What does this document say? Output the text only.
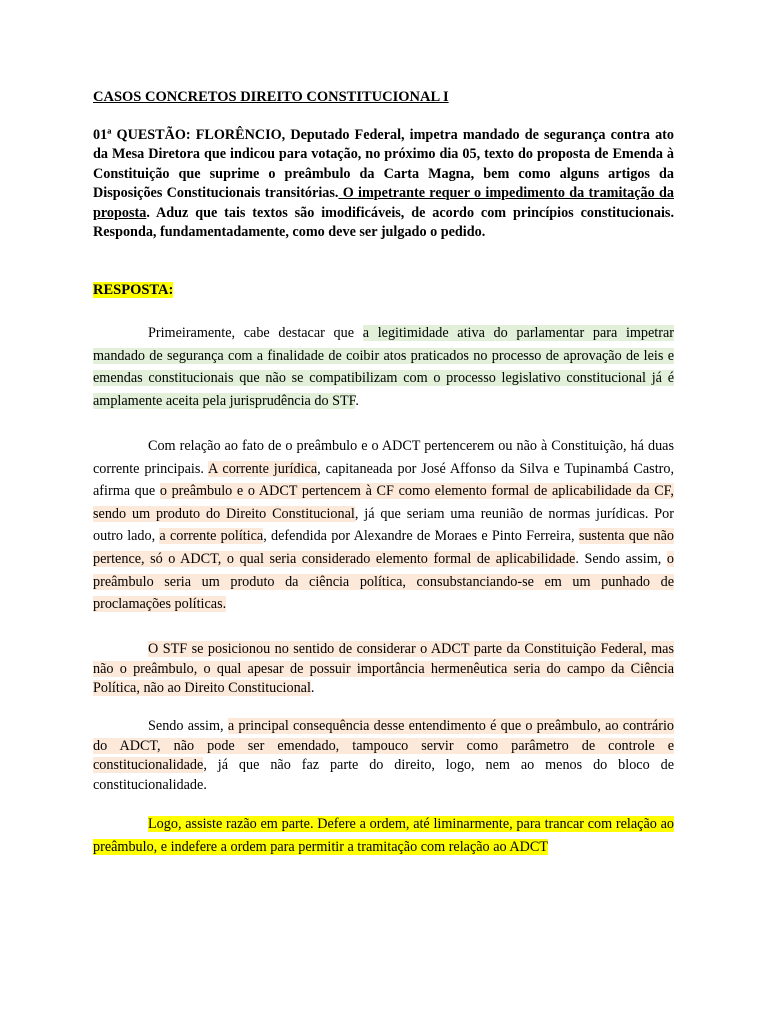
CASOS CONCRETOS DIREITO CONSTITUCIONAL I

01ª QUESTÃO: FLORÊNCIO, Deputado Federal, impetra mandado de segurança contra ato da Mesa Diretora que indicou para votação, no próximo dia 05, texto do proposta de Emenda à Constituição que suprime o preâmbulo da Carta Magna, bem como alguns artigos da Disposições Constitucionais transitórias. O impetrante requer o impedimento da tramitação da proposta. Aduz que tais textos são imodificáveis, de acordo com princípios constitucionais. Responda, fundamentadamente, como deve ser julgado o pedido.

RESPOSTA:

Primeiramente, cabe destacar que a legitimidade ativa do parlamentar para impetrar mandado de segurança com a finalidade de coibir atos praticados no processo de aprovação de leis e emendas constitucionais que não se compatibilizam com o processo legislativo constitucional já é amplamente aceita pela jurisprudência do STF.

Com relação ao fato de o preâmbulo e o ADCT pertencerem ou não à Constituição, há duas corrente principais. A corrente jurídica, capitaneada por José Affonso da Silva e Tupinambá Castro, afirma que o preâmbulo e o ADCT pertencem à CF como elemento formal de aplicabilidade da CF, sendo um produto do Direito Constitucional, já que seriam uma reunião de normas jurídicas. Por outro lado, a corrente política, defendida por Alexandre de Moraes e Pinto Ferreira, sustenta que não pertence, só o ADCT, o qual seria considerado elemento formal de aplicabilidade. Sendo assim, o preâmbulo seria um produto da ciência política, consubstanciando-se em um punhado de proclamações políticas.

O STF se posicionou no sentido de considerar o ADCT parte da Constituição Federal, mas não o preâmbulo, o qual apesar de possuir importância hermenêutica seria do campo da Ciência Política, não ao Direito Constitucional.

Sendo assim, a principal consequência desse entendimento é que o preâmbulo, ao contrário do ADCT, não pode ser emendado, tampouco servir como parâmetro de controle e constitucionalidade, já que não faz parte do direito, logo, nem ao menos do bloco de constitucionalidade.

Logo, assiste razão em parte. Defere a ordem, até liminarmente, para trancar com relação ao preâmbulo, e indefere a ordem para permitir a tramitação com relação ao ADCT
